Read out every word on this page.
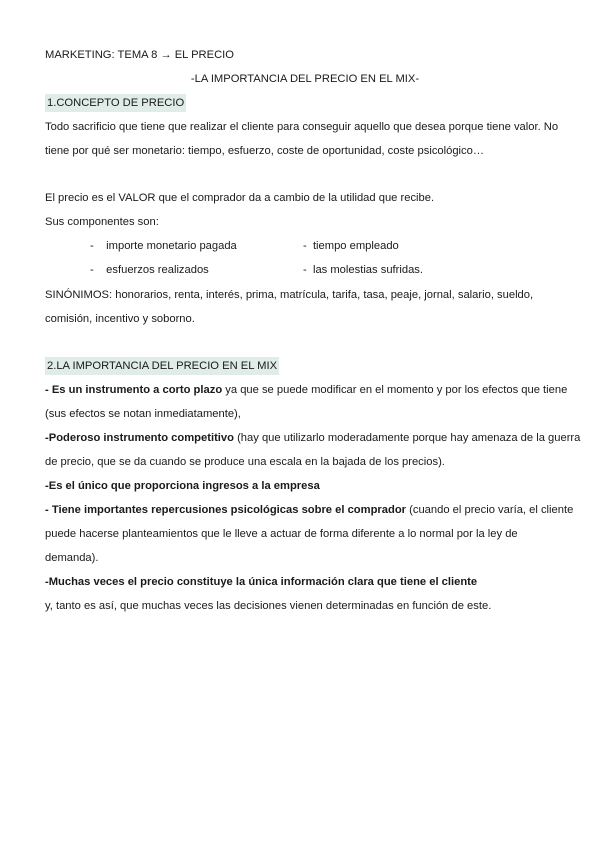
MARKETING: TEMA 8 → EL PRECIO
-LA IMPORTANCIA DEL PRECIO EN EL MIX-
1.CONCEPTO DE PRECIO
Todo sacrificio que tiene que realizar el cliente para conseguir aquello que desea porque tiene valor. No
tiene por qué ser monetario: tiempo, esfuerzo, coste de oportunidad, coste psicológico…
El precio es el VALOR que el comprador da a cambio de la utilidad que recibe.
Sus componentes son:
-    importe monetario pagada	-  tiempo empleado
-    esfuerzos realizados	-  las molestias sufridas.
SINÓNIMOS: honorarios, renta, interés, prima, matrícula, tarifa, tasa, peaje, jornal, salario, sueldo,
comisión, incentivo y soborno.
2.LA IMPORTANCIA DEL PRECIO EN EL MIX
- Es un instrumento a corto plazo ya que se puede modificar en el momento y por los efectos que tiene
(sus efectos se notan inmediatamente),
-Poderoso instrumento competitivo (hay que utilizarlo moderadamente porque hay amenaza de la guerra
de precio, que se da cuando se produce una escala en la bajada de los precios).
-Es el único que proporciona ingresos a la empresa
- Tiene importantes repercusiones psicológicas sobre el comprador (cuando el precio varía, el cliente
puede hacerse planteamientos que le lleve a actuar de forma diferente a lo normal por la ley de
demanda).
-Muchas veces el precio constituye la única información clara que tiene el cliente
y, tanto es así, que muchas veces las decisiones vienen determinadas en función de este.
